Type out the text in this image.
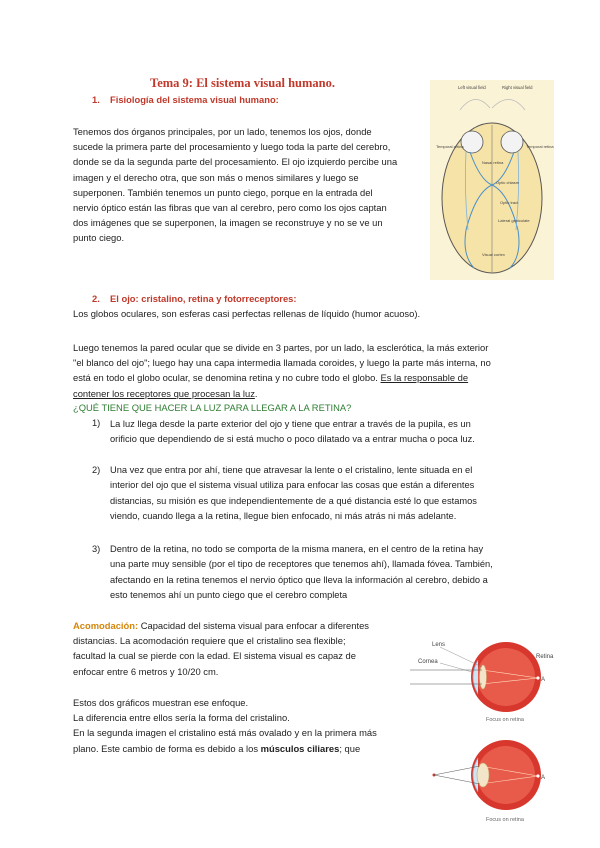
Tema 9: El sistema visual humano.
1. Fisiología del sistema visual humano:
Tenemos dos órganos principales, por un lado, tenemos los ojos, donde
sucede la primera parte del procesamiento y luego toda la parte del cerebro,
donde se da la segunda parte del procesamiento. El ojo izquierdo percibe una
imagen y el derecho otra, que son más o menos similares y luego se
superponen. También tenemos un punto ciego, porque en la entrada del
nervio óptico están las fibras que van al cerebro, pero como los ojos captan
dos imágenes que se superponen, la imagen se reconstruye y no se ve un
punto ciego.
Left visual field	Right visual field
Temporal retina	Temporal retina
Nasal retina
Optic chiasm
Optic tract
Lateral geniculate
Visual cortex
2. El ojo: cristalino, retina y fotorreceptores:
Los globos oculares, son esferas casi perfectas rellenas de líquido (humor acuoso).
Luego tenemos la pared ocular que se divide en 3 partes, por un lado, la esclerótica, la más exterior
"el blanco del ojo"; luego hay una capa intermedia llamada coroides, y luego la parte más interna, no
está en todo el globo ocular, se denomina retina y no cubre todo el globo. Es la responsable de
contener los receptores que procesan la luz.
¿QUÉ TIENE QUE HACER LA LUZ PARA LLEGAR A LA RETINA?
1) La luz llega desde la parte exterior del ojo y tiene que entrar a través de la pupila, es un
orificio que dependiendo de si está mucho o poco dilatado va a entrar mucha o poca luz.
2) Una vez que entra por ahí, tiene que atravesar la lente o el cristalino, lente situada en el
interior del ojo que el sistema visual utiliza para enfocar las cosas que están a diferentes
distancias, su misión es que independientemente de a qué distancia esté lo que estamos
viendo, cuando llega a la retina, llegue bien enfocado, ni más atrás ni más adelante.
3) Dentro de la retina, no todo se comporta de la misma manera, en el centro de la retina hay
una parte muy sensible (por el tipo de receptores que tenemos ahí), llamada fóvea. También,
afectando en la retina tenemos el nervio óptico que lleva la información al cerebro, debido a
esto tenemos ahí un punto ciego que el cerebro completa
Acomodación: Capacidad del sistema visual para enfocar a diferentes
distancias. La acomodación requiere que el cristalino sea flexible;
facultad la cual se pierde con la edad. El sistema visual es capaz de
enfocar entre 6 metros y 10/20 cm.
Estos dos gráficos muestran ese enfoque.
La diferencia entre ellos sería la forma del cristalino.
En la segunda imagen el cristalino está más ovalado y en la primera más
plano. Este cambio de forma es debido a los músculos ciliares; que
Lens
Cornea
Retina
A
Focus on retina
A
Focus on retina
